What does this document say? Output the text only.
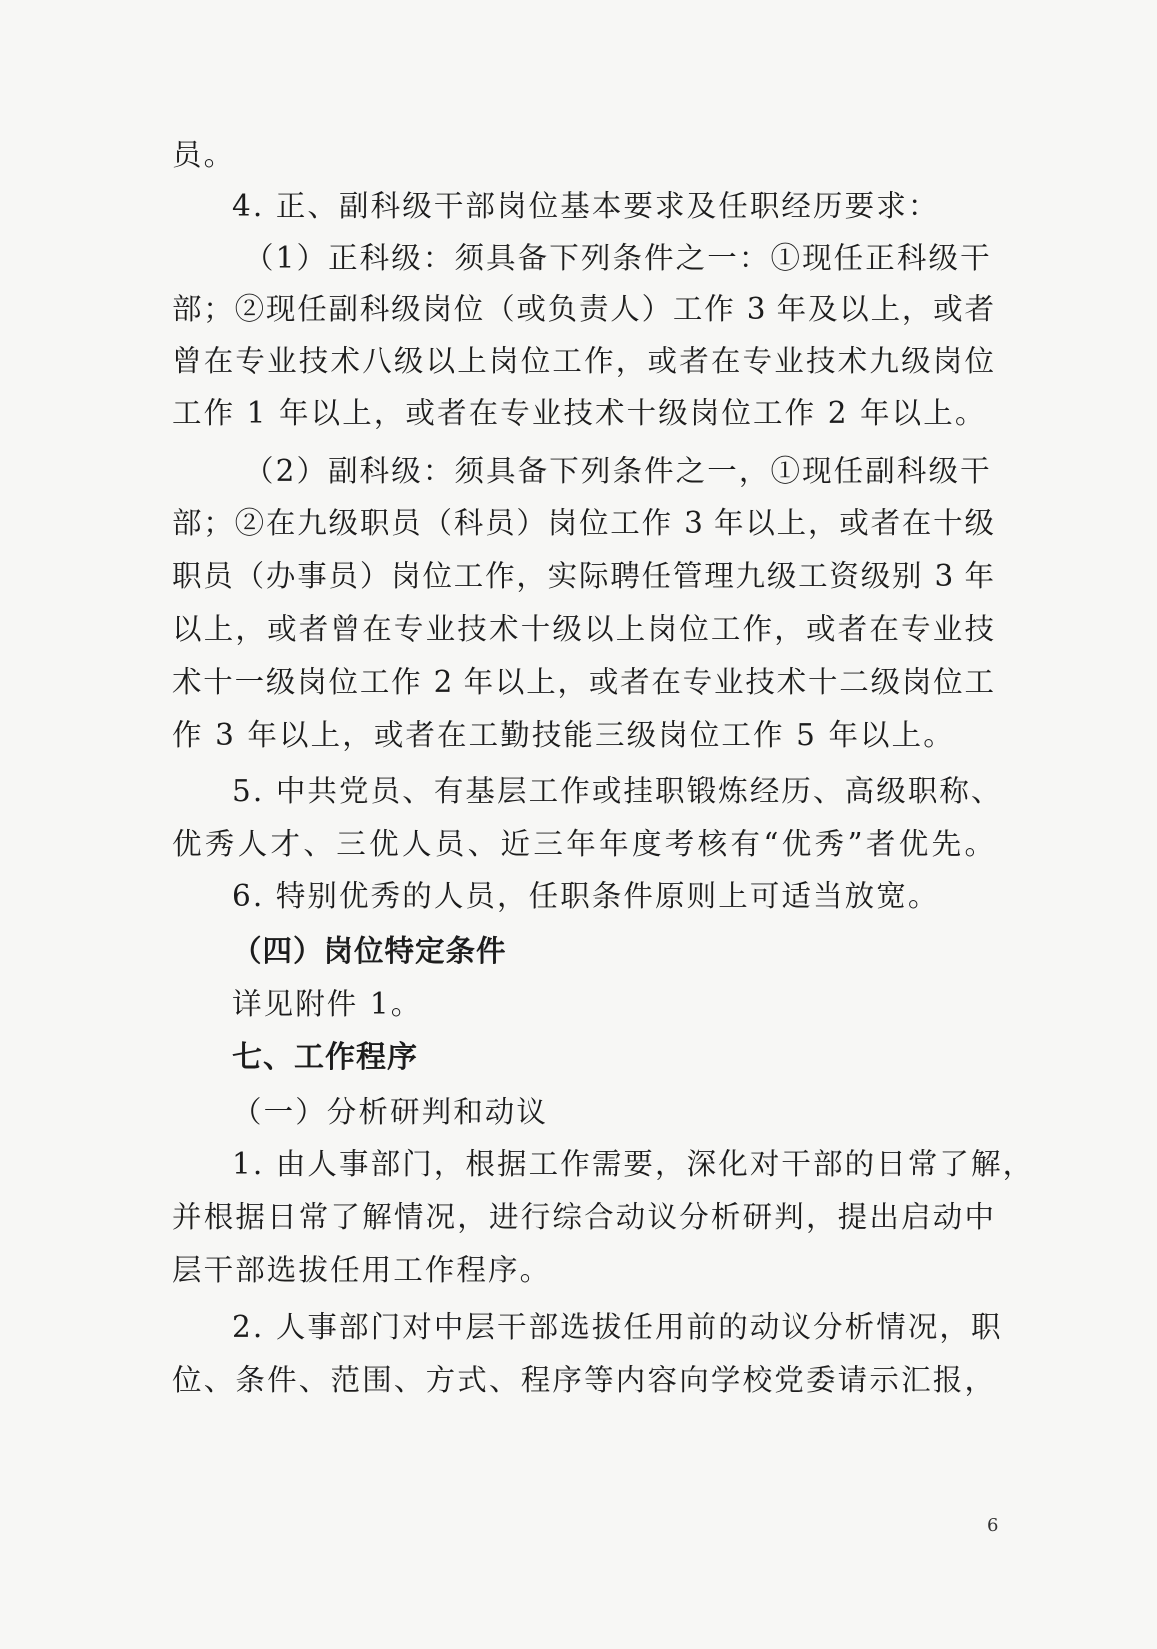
员。
4. 正、副科级干部岗位基本要求及任职经历要求：
（1）正科级：须具备下列条件之一：①现任正科级干
部；②现任副科级岗位（或负责人）工作 3 年及以上，或者
曾在专业技术八级以上岗位工作，或者在专业技术九级岗位
工作 1 年以上，或者在专业技术十级岗位工作 2 年以上。
（2）副科级：须具备下列条件之一，①现任副科级干
部；②在九级职员（科员）岗位工作 3 年以上，或者在十级
职员（办事员）岗位工作，实际聘任管理九级工资级别 3 年
以上，或者曾在专业技术十级以上岗位工作，或者在专业技
术十一级岗位工作 2 年以上，或者在专业技术十二级岗位工
作 3 年以上，或者在工勤技能三级岗位工作 5 年以上。
5. 中共党员、有基层工作或挂职锻炼经历、高级职称、
优秀人才、三优人员、近三年年度考核有“优秀”者优先。
6. 特别优秀的人员，任职条件原则上可适当放宽。
（四）岗位特定条件
详见附件 1。
七、工作程序
（一）分析研判和动议
1. 由人事部门，根据工作需要，深化对干部的日常了解，
并根据日常了解情况，进行综合动议分析研判，提出启动中
层干部选拔任用工作程序。
2. 人事部门对中层干部选拔任用前的动议分析情况，职
位、条件、范围、方式、程序等内容向学校党委请示汇报，
6
